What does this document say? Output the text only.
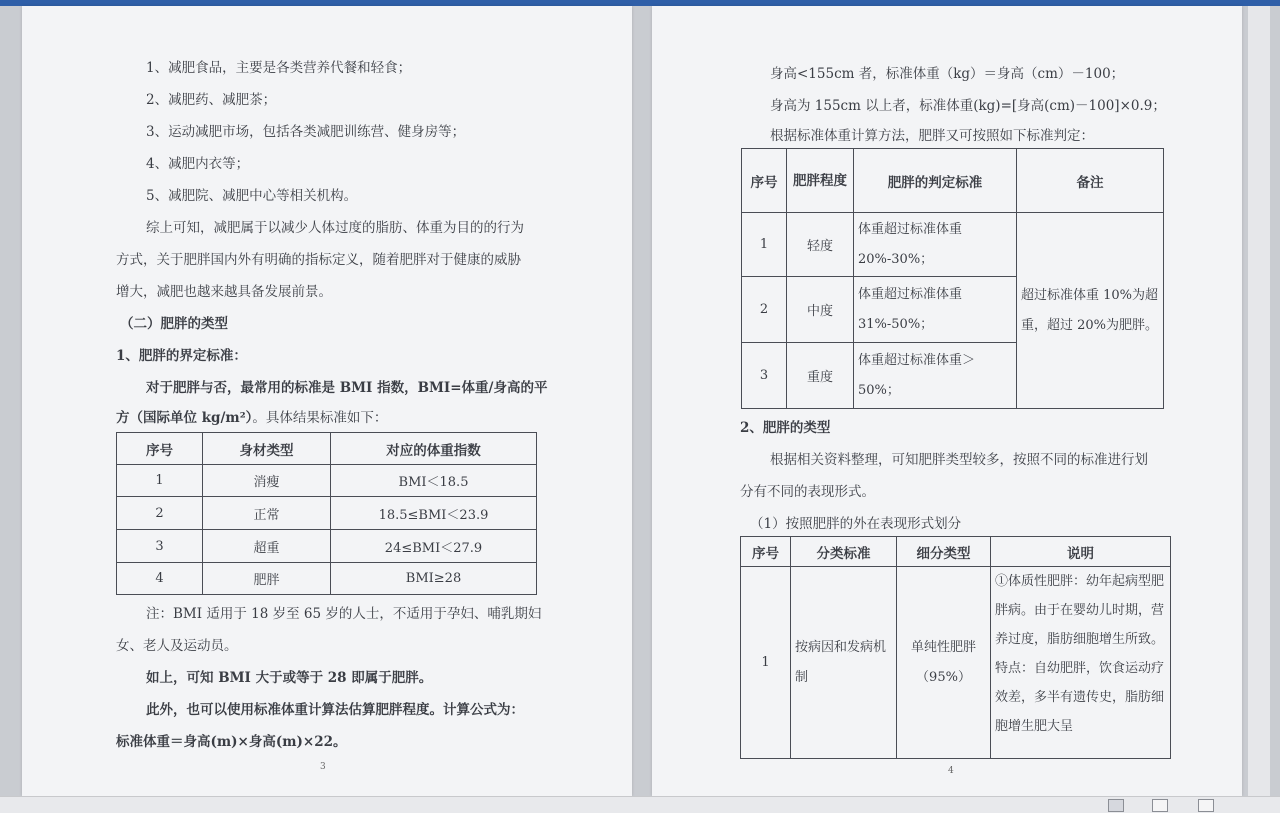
1、减肥食品，主要是各类营养代餐和轻食；
2、减肥药、减肥茶；
3、运动减肥市场，包括各类减肥训练营、健身房等；
4、减肥内衣等；
5、减肥院、减肥中心等相关机构。
综上可知，减肥属于以减少人体过度的脂肪、体重为目的的行为
方式，关于肥胖国内外有明确的指标定义，随着肥胖对于健康的威胁
增大，减肥也越来越具备发展前景。
（二）肥胖的类型
1、肥胖的界定标准：
对于肥胖与否，最常用的标准是 BMI 指数，BMI=体重/身高的平
方（国际单位 kg/m²）。具体结果标准如下：
序号	身材类型	对应的体重指数
1	消瘦	BMI＜18.5
2	正常	18.5≤BMI＜23.9
3	超重	24≤BMI＜27.9
4	肥胖	BMI≥28
注：BMI 适用于 18 岁至 65 岁的人士，不适用于孕妇、哺乳期妇
女、老人及运动员。
如上，可知 BMI 大于或等于 28 即属于肥胖。
此外，也可以使用标准体重计算法估算肥胖程度。计算公式为：
标准体重＝身高(m)×身高(m)×22。
3
身高<155cm 者，标准体重（kg）＝身高（cm）－100；
身高为 155cm 以上者，标准体重(kg)=[身高(cm)－100]×0.9；
根据标准体重计算方法，肥胖又可按照如下标准判定：
序号	肥胖程度	肥胖的判定标准	备注
1	轻度	体重超过标准体重 20%-30%；	超过标准体重 10%为超重，超过 20%为肥胖。
2	中度	体重超过标准体重 31%-50%；	
3	重度	体重超过标准体重＞50%；	
2、肥胖的类型
根据相关资料整理，可知肥胖类型较多，按照不同的标准进行划
分有不同的表现形式。
（1）按照肥胖的外在表现形式划分
序号	分类标准	细分类型	说明
1	按病因和发病机制	单纯性肥胖（95%）	①体质性肥胖：幼年起病型肥胖病。由于在婴幼儿时期，营养过度，脂肪细胞增生所致。特点：自幼肥胖，饮食运动疗效差，多半有遗传史，脂肪细胞增生肥大呈
4
